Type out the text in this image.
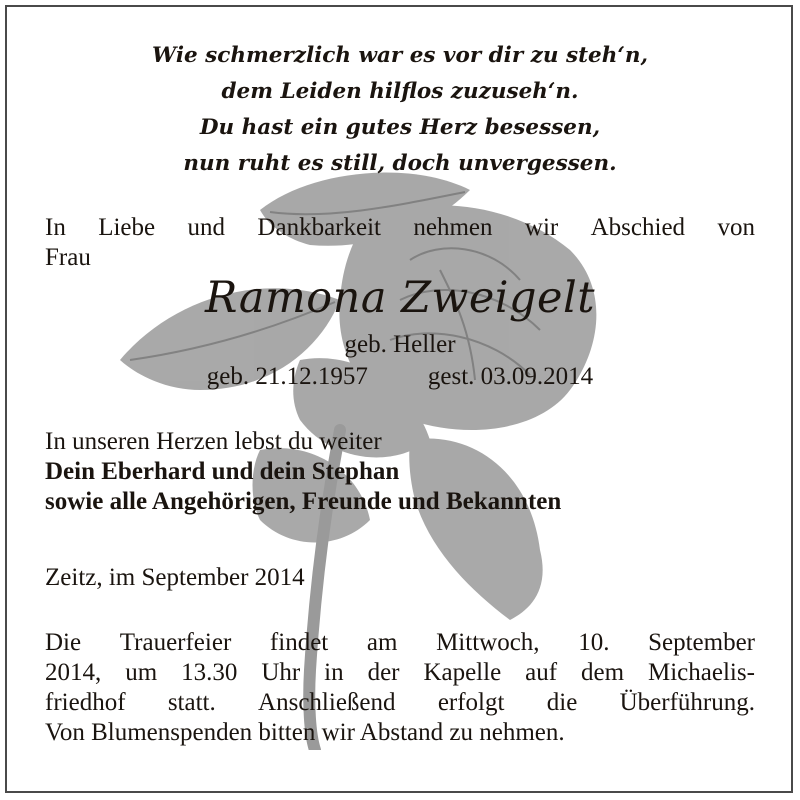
Wie schmerzlich war es vor dir zu steh‘n,
dem Leiden hilflos zuzuseh‘n.
Du hast ein gutes Herz besessen,
nun ruht es still, doch unvergessen.
In Liebe und Dankbarkeit nehmen wir Abschied von
Frau
Ramona Zweigelt
geb. Heller
geb. 21.12.1957 gest. 03.09.2014
In unseren Herzen lebst du weiter
Dein Eberhard und dein Stephan
sowie alle Angehörigen, Freunde und Bekannten
Zeitz, im September 2014
Die Trauerfeier findet am Mittwoch, 10. September
2014, um 13.30 Uhr in der Kapelle auf dem Michaelis-
friedhof statt. Anschließend erfolgt die Überführung.
Von Blumenspenden bitten wir Abstand zu nehmen.
